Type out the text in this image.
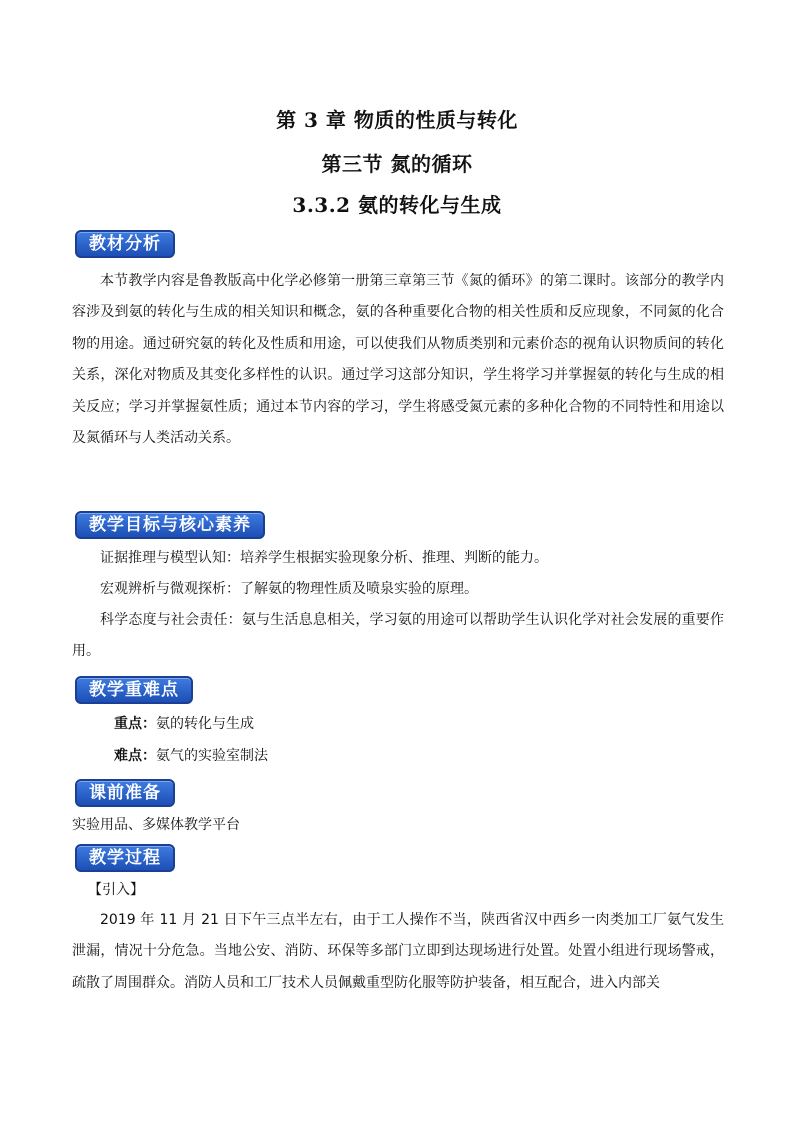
第 3 章 物质的性质与转化
第三节 氮的循环
3.3.2 氨的转化与生成
教材分析
本节教学内容是鲁教版高中化学必修第一册第三章第三节《氮的循环》的第二课时。该部分的教学内容涉及到氨的转化与生成的相关知识和概念，氨的各种重要化合物的相关性质和反应现象，不同氮的化合物的用途。通过研究氨的转化及性质和用途，可以使我们从物质类别和元素价态的视角认识物质间的转化关系，深化对物质及其变化多样性的认识。通过学习这部分知识，学生将学习并掌握氨的转化与生成的相关反应；学习并掌握氨性质；通过本节内容的学习，学生将感受氮元素的多种化合物的不同特性和用途以及氮循环与人类活动关系。
教学目标与核心素养
证据推理与模型认知：培养学生根据实验现象分析、推理、判断的能力。
宏观辨析与微观探析：了解氨的物理性质及喷泉实验的原理。
科学态度与社会责任：氨与生活息息相关，学习氨的用途可以帮助学生认识化学对社会发展的重要作用。
教学重难点
重点：氨的转化与生成
难点：氨气的实验室制法
课前准备
实验用品、多媒体教学平台
教学过程
【引入】
2019 年 11 月 21 日下午三点半左右，由于工人操作不当，陕西省汉中西乡一肉类加工厂氨气发生泄漏，情况十分危急。当地公安、消防、环保等多部门立即到达现场进行处置。处置小组进行现场警戒，疏散了周围群众。消防人员和工厂技术人员佩戴重型防化服等防护装备，相互配合，进入内部关
